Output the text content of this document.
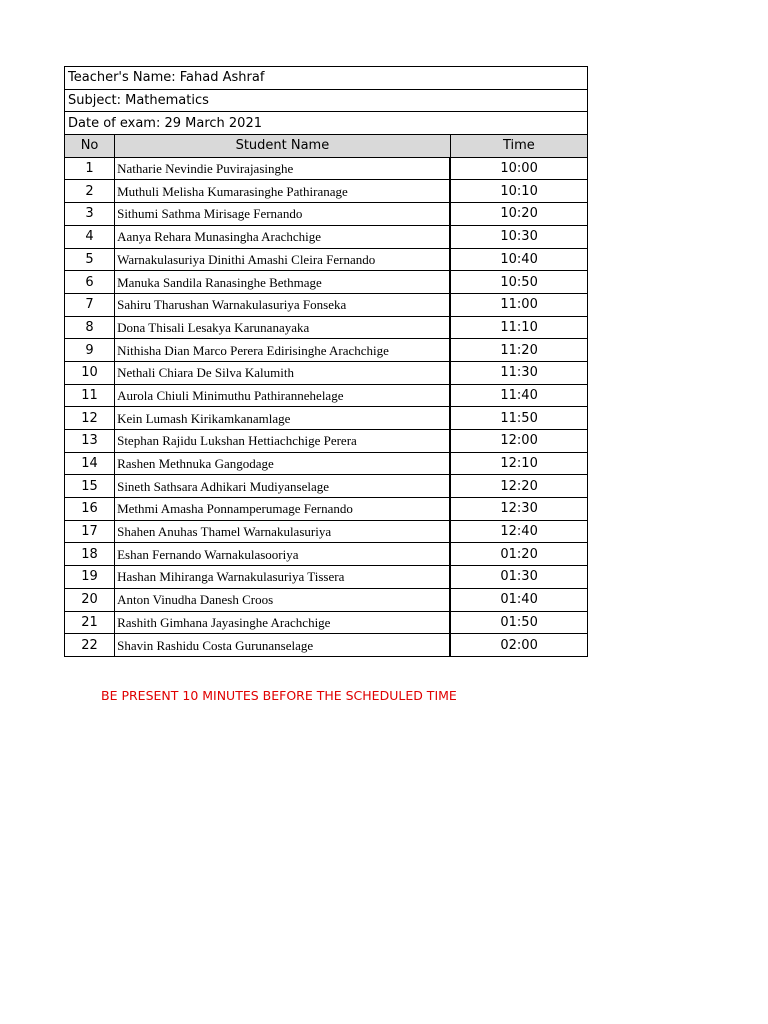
Teacher's Name: Fahad Ashraf		
Subject: Mathematics		
Date of exam: 29 March 2021		
No	Student Name	Time
1	Natharie Nevindie Puvirajasinghe	10:00
2	Muthuli Melisha Kumarasinghe Pathiranage	10:10
3	Sithumi Sathma Mirisage Fernando	10:20
4	Aanya Rehara Munasingha Arachchige	10:30
5	Warnakulasuriya Dinithi Amashi Cleira Fernando	10:40
6	Manuka Sandila Ranasinghe Bethmage	10:50
7	Sahiru Tharushan Warnakulasuriya Fonseka	11:00
8	Dona Thisali Lesakya Karunanayaka	11:10
9	Nithisha Dian Marco Perera Edirisinghe Arachchige	11:20
10	Nethali Chiara De Silva Kalumith	11:30
11	Aurola Chiuli Minimuthu Pathirannehelage	11:40
12	Kein Lumash Kirikamkanamlage	11:50
13	Stephan Rajidu Lukshan Hettiachchige Perera	12:00
14	Rashen Methnuka Gangodage	12:10
15	Sineth Sathsara Adhikari Mudiyanselage	12:20
16	Methmi Amasha Ponnamperumage Fernando	12:30
17	Shahen Anuhas Thamel Warnakulasuriya	12:40
18	Eshan Fernando Warnakulasooriya	01:20
19	Hashan Mihiranga Warnakulasuriya Tissera	01:30
20	Anton Vinudha Danesh Croos	01:40
21	Rashith Gimhana Jayasinghe Arachchige	01:50
22	Shavin Rashidu Costa Gurunanselage	02:00
BE PRESENT 10 MINUTES BEFORE THE SCHEDULED TIME
